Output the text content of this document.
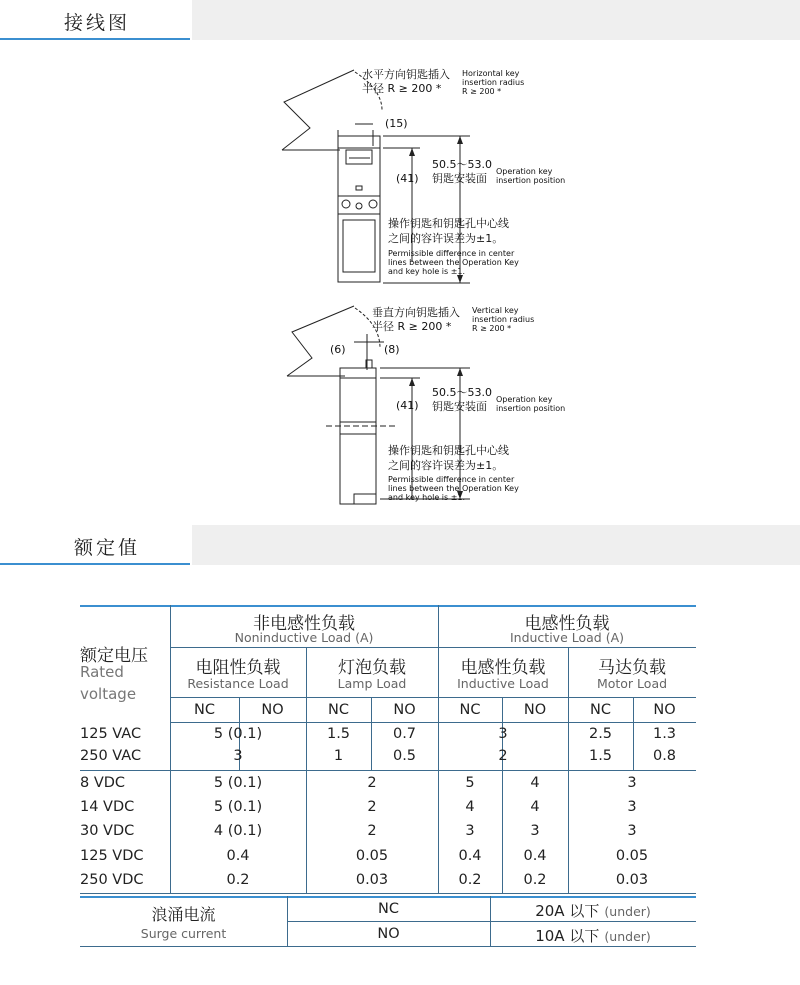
接线图
水平方向钥匙插入
半径 R ≥ 200 *
Horizontal key
insertion radius
R ≥ 200 *
(15)
50.5～53.0
钥匙安装面
(41)
Operation key
insertion position
操作钥匙和钥匙孔中心线
之间的容许误差为±1。
Permissible difference in center
lines between the Operation Key
and key hole is ±1.
垂直方向钥匙插入
半径 R ≥ 200 *
Vertical key
insertion radius
R ≥ 200 *
(6)	(8)
50.5～53.0
钥匙安装面
(41)	Operation key
insertion position
操作钥匙和钥匙孔中心线
之间的容许误差为±1。
Permissible difference in center
lines between the Operation Key
and key hole is ±1.
额定值
额定电压
Rated
voltage
非电感性负载
Noninductive Load (A)
电感性负载
Inductive Load (A)
电阻性负载
Resistance Load
灯泡负载
Lamp Load
电感性负载
Inductive Load
马达负载
Motor Load
NC	NO	NC	NO	NC	NO	NC	NO
125 VAC	5 (0.1)	1.5	0.7	3	2.5	1.3
250 VAC	3	1	0.5	2	1.5	0.8
8 VDC	5 (0.1)	2	5	4	3
14 VDC	5 (0.1)	2	4	4	3
30 VDC	4 (0.1)	2	3	3	3
125 VDC	0.4	0.05	0.4	0.4	0.05
250 VDC	0.2	0.03	0.2	0.2	0.03
浪涌电流
Surge current
NC	20A 以下 (under)
NO	10A 以下 (under)
